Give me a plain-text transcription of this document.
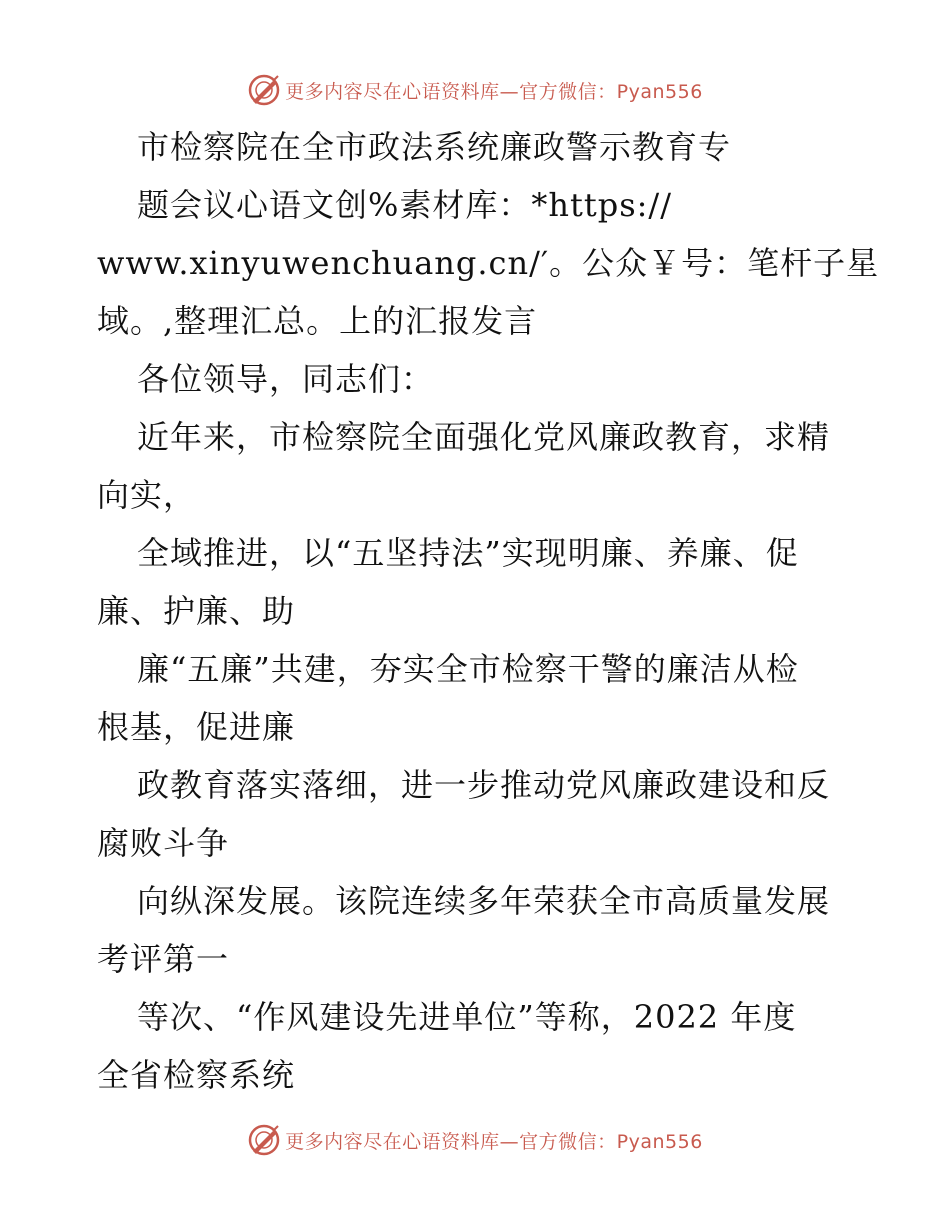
更多内容尽在心语资料库—官方微信：Pyan556
市检察院在全市政法系统廉政警示教育专
题会议心语文创%素材库：*https://
www.xinyuwenchuang.cn/′。公众￥号：笔杆子星
域。,整理汇总。上的汇报发言
各位领导，同志们：
近年来，市检察院全面强化党风廉政教育，求精
向实，
全域推进，以“五坚持法”实现明廉、养廉、促
廉、护廉、助
廉“五廉”共建，夯实全市检察干警的廉洁从检
根基，促进廉
政教育落实落细，进一步推动党风廉政建设和反
腐败斗争
向纵深发展。该院连续多年荣获全市高质量发展
考评第一
等次、“作风建设先进单位”等称，2022 年度
全省检察系统
更多内容尽在心语资料库—官方微信：Pyan556
